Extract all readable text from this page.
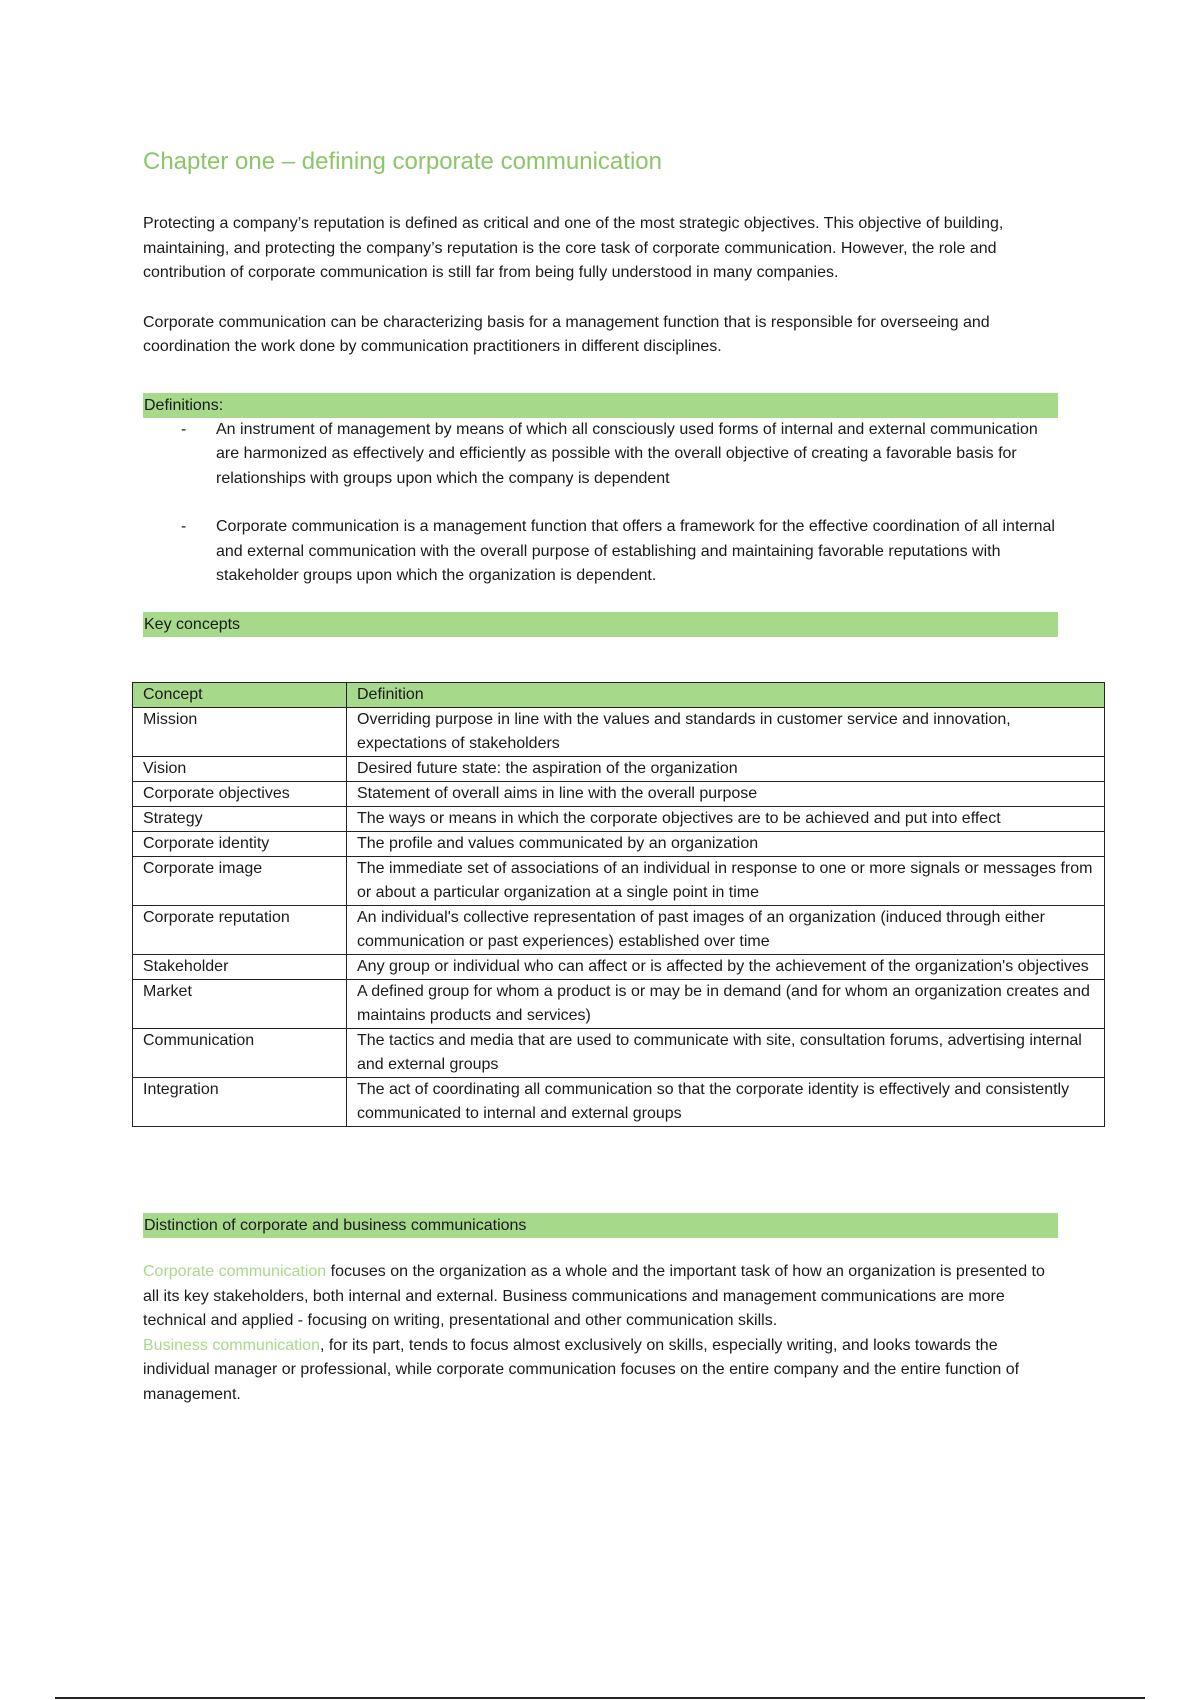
Chapter one – defining corporate communication

Protecting a company’s reputation is defined as critical and one of the most strategic objectives. This objective of building, maintaining, and protecting the company’s reputation is the core task of corporate communication. However, the role and contribution of corporate communication is still far from being fully understood in many companies.

Corporate communication can be characterizing basis for a management function that is responsible for overseeing and coordination the work done by communication practitioners in different disciplines.

Definitions:
- An instrument of management by means of which all consciously used forms of internal and external communication are harmonized as effectively and efficiently as possible with the overall objective of creating a favorable basis for relationships with groups upon which the company is dependent
- Corporate communication is a management function that offers a framework for the effective coordination of all internal and external communication with the overall purpose of establishing and maintaining favorable reputations with stakeholder groups upon which the organization is dependent.
Key concepts
Concept	Definition
Mission	Overriding purpose in line with the values and standards in customer service and innovation, expectations of stakeholders
Vision	Desired future state: the aspiration of the organization
Corporate objectives	Statement of overall aims in line with the overall purpose
Strategy	The ways or means in which the corporate objectives are to be achieved and put into effect
Corporate identity	The profile and values communicated by an organization
Corporate image	The immediate set of associations of an individual in response to one or more signals or messages from or about a particular organization at a single point in time
Corporate reputation	An individual's collective representation of past images of an organization (induced through either communication or past experiences) established over time
Stakeholder	Any group or individual who can affect or is affected by the achievement of the organization's objectives
Market	A defined group for whom a product is or may be in demand (and for whom an organization creates and maintains products and services)
Communication	The tactics and media that are used to communicate with site, consultation forums, advertising internal and external groups
Integration	The act of coordinating all communication so that the corporate identity is effectively and consistently communicated to internal and external groups
Distinction of corporate and business communications

Corporate communication focuses on the organization as a whole and the important task of how an organization is presented to all its key stakeholders, both internal and external. Business communications and management communications are more technical and applied - focusing on writing, presentational and other communication skills.

Business communication, for its part, tends to focus almost exclusively on skills, especially writing, and looks towards the individual manager or professional, while corporate communication focuses on the entire company and the entire function of management.
